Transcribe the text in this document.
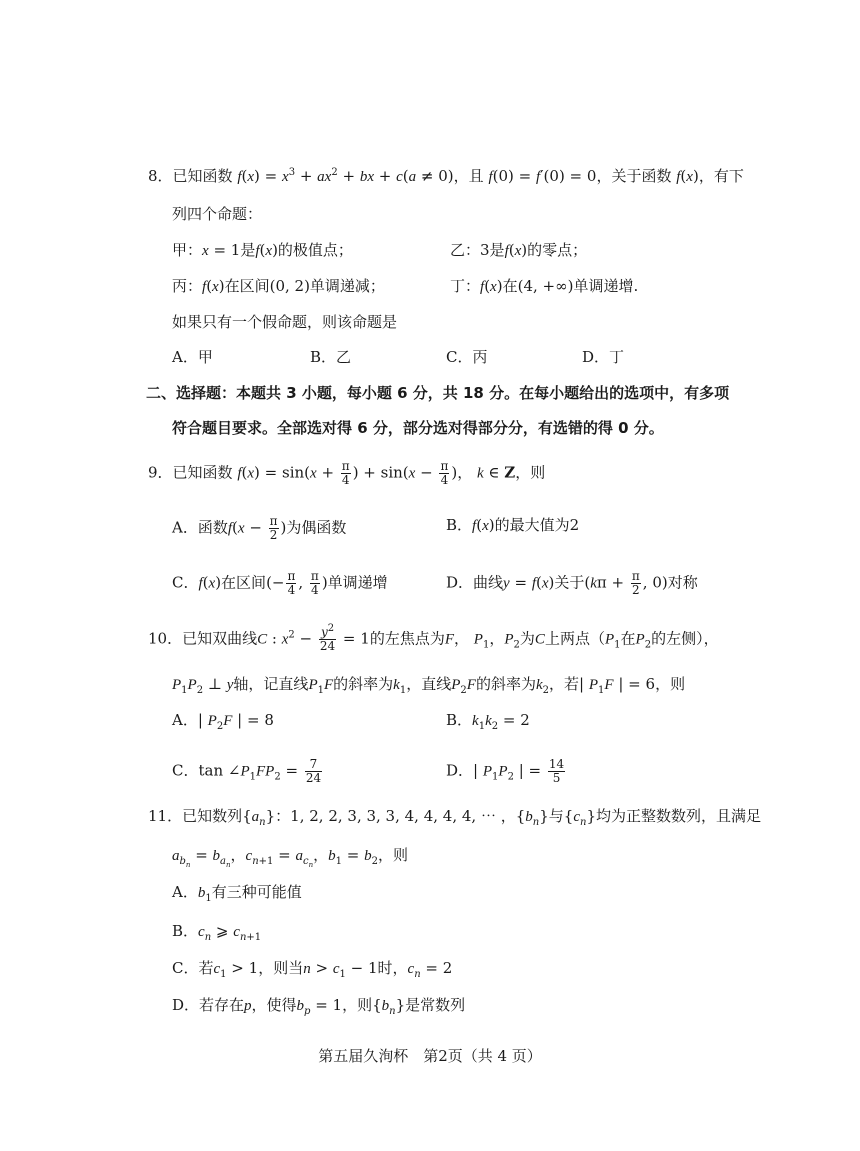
8．已知函数 $f(x) = x^3 + ax^2$ + bx + c(a ≠ 0)，且 f(0) = f′(0) = 0，关于函数 f(x)，有下
列四个命题：
甲：x = 1是f(x)的极值点；	乙：3是f(x)的零点；
丙：f(x)在区间(0, 2)单调递减；	丁：f(x)在(4, +∞)单调递增.
如果只有一个假命题，则该命题是
A．甲	B．乙	C．丙	D．丁
二、选择题：本题共 3 小题，每小题 6 分，共 18 分。在每小题给出的选项中，有多项
符合题目要求。全部选对得 6 分，部分选对得部分分，有选错的得 0 分。
9．已知函数 $f(x) = \sin(x + \frac{\pi}{4}$ ) + $\sin(x - \frac{\pi}{4}$ )， k ∈ Z，则
A．函数$f(x - \frac{\pi}{2}$ )为偶函数	B．f(x)的最大值为2
C．f(x)在区间(− $\frac{\pi}{4}$ , $\frac{\pi}{4}$ )单调递增	D．曲线y = f(x)关于($k\pi + \frac{\pi}{2}$ , 0)对称
10．已知双曲线C : $x^2 - \frac{y^2}{24} = 1$的左焦点为F， $P_1$，$P_2$为C上两点（$P_1$在$P_2$的左侧），
$P_1P_2$ ⊥ y轴，记直线$P_1F$的斜率为$k_1$，直线$P_2F$的斜率为$k_2$，若| $P_1F$ | = 6，则
A．| $P_2F$ | = 8	B．$k_1k_2 = 2$
C．$\tan \angle P_1FP_2 = \frac{7}{24}$	D．| $P_1P_2$ | = $\frac{14}{5}$
11．已知数列$\{a_n\}$：1, 2, 2, 3, 3, 3, 4, 4, 4, 4, ⋯ ，$\{b_n\}$与$\{c_n\}$均为正整数数列，且满足
$a_{b_n} = b_{a_n}$，$c_{n+1} = a_{c_n}$，$b_1 = b_2$，则
A．$b_1$有三种可能值
B．$c_n$ ⩾ $c_{n+1}$
C．若$c_1 > 1$，则当$n > c_1 - 1$时，$c_n = 2$
D．若存在p，使得$b_p = 1$，则$\{b_n\}$是常数列
第五届久洵杯　第2页（共 4 页）
